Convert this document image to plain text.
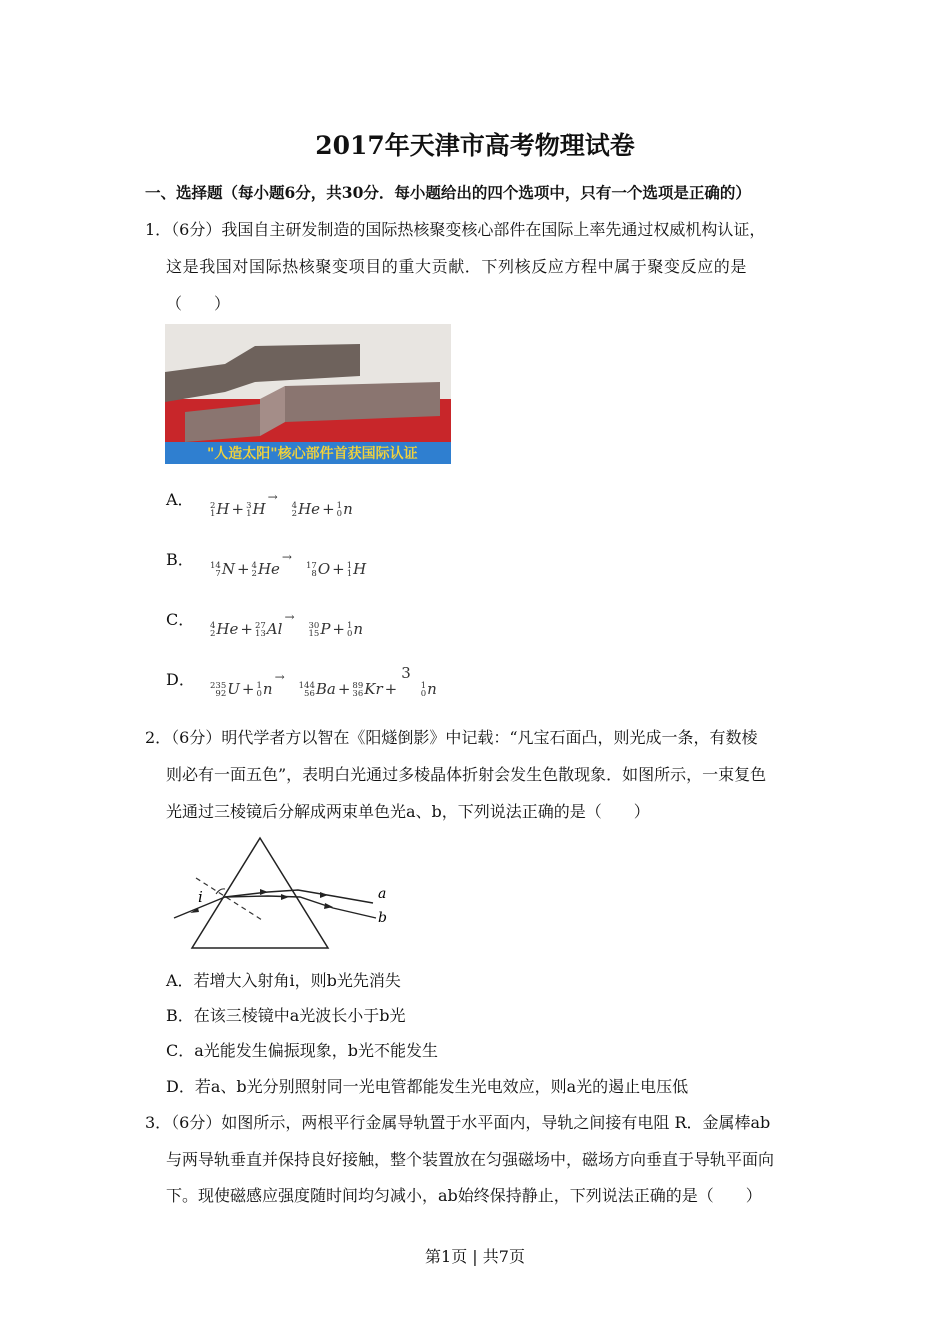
2017年天津市高考物理试卷
一、选择题（每小题6分，共30分．每小题给出的四个选项中，只有一个选项是正确的）
1．（6分）我国自主研发制造的国际热核聚变核心部件在国际上率先通过权威机构认证，
这是我国对国际热核聚变项目的重大贡献．下列核反应方程中属于聚变反应的是
（　　）
"人造太阳"核心部件首获国际认证
A． 2
1 H + 3
1 H
→
4
2 He + 1
0 n
B． 14
7 N + 4
2 He
→
17
8 O + 1
1 H
C． 4
2 He + 27
13 Al
→
30
15 P + 1
0 n
D． 235
92 U + 1
0 n
→
144
56 Ba + 89
36 Kr +
3
1
0 n
2．（6分）明代学者方以智在《阳燧倒影》中记载：“凡宝石面凸，则光成一条，有数棱
则必有一面五色”，表明白光通过多棱晶体折射会发生色散现象．如图所示，一束复色
光通过三棱镜后分解成两束单色光a、b，下列说法正确的是（　　）
i	a
b
A．若增大入射角i，则b光先消失
B．在该三棱镜中a光波长小于b光
C．a光能发生偏振现象，b光不能发生
D．若a、b光分别照射同一光电管都能发生光电效应，则a光的遏止电压低
3．（6分）如图所示，两根平行金属导轨置于水平面内，导轨之间接有电阻 R．金属棒ab
与两导轨垂直并保持良好接触，整个装置放在匀强磁场中，磁场方向垂直于导轨平面向
下。现使磁感应强度随时间均匀减小，ab始终保持静止，下列说法正确的是（　　）
第1页 | 共7页
